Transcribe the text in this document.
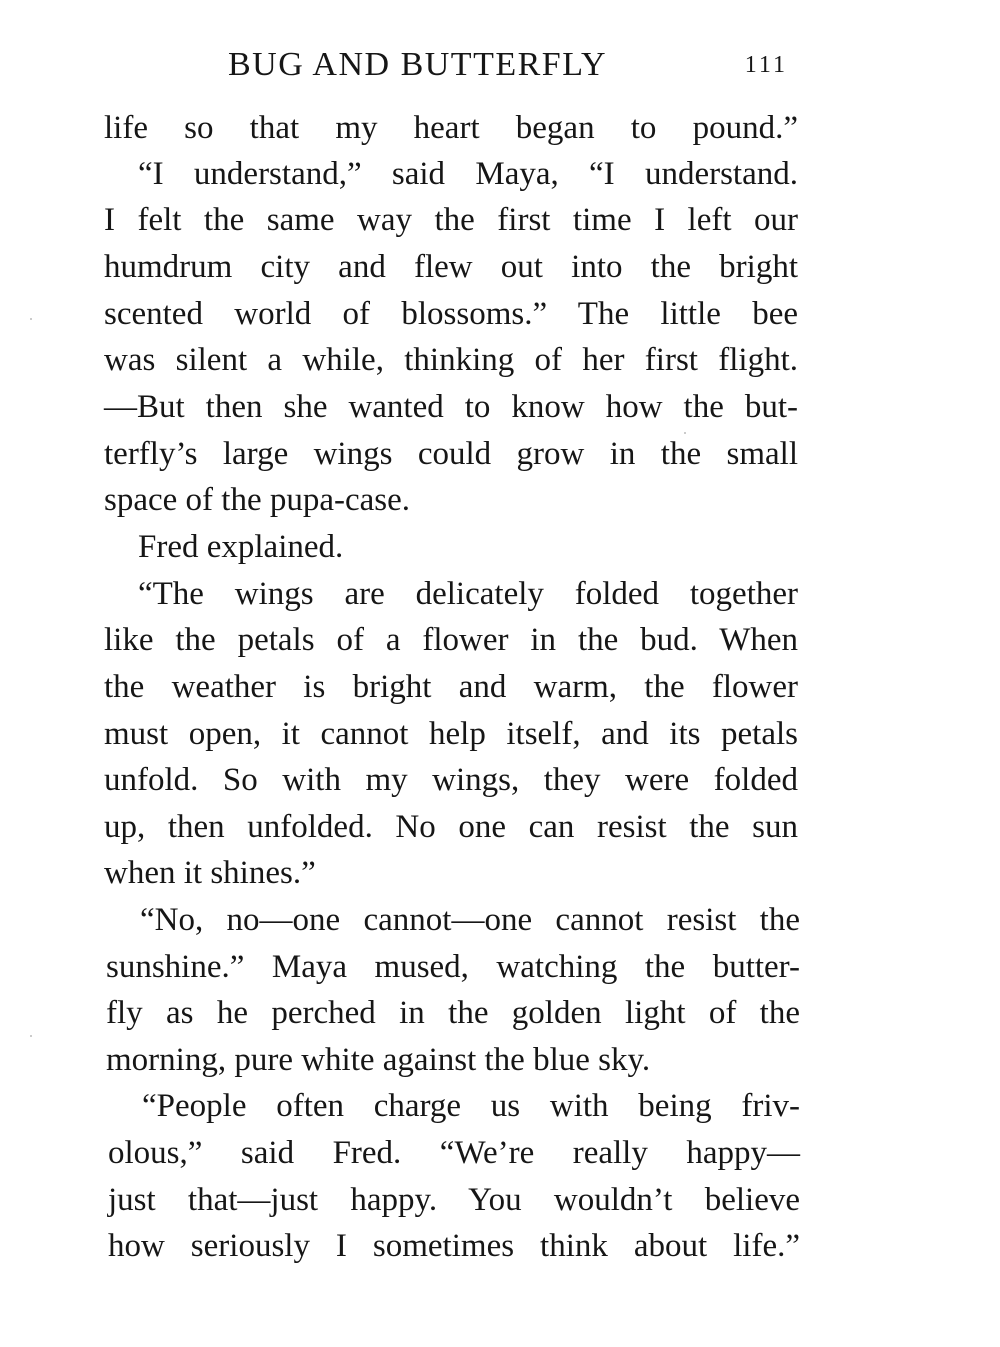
BUG AND BUTTERFLY	111
life so that my heart began to pound.”
“I understand,” said Maya, “I understand.
I felt the same way the first time I left our
humdrum city and flew out into the bright
scented world of blossoms.” The little bee
was silent a while, thinking of her first flight.
—But then she wanted to know how the but-
terfly’s large wings could grow in the small
space of the pupa-case.
Fred explained.
“The wings are delicately folded together
like the petals of a flower in the bud. When
the weather is bright and warm, the flower
must open, it cannot help itself, and its petals
unfold. So with my wings, they were folded
up, then unfolded. No one can resist the sun
when it shines.”
“No, no—one cannot—one cannot resist the
sunshine.” Maya mused, watching the butter-
fly as he perched in the golden light of the
morning, pure white against the blue sky.
“People often charge us with being friv-
olous,” said Fred. “We’re really happy—
just that—just happy. You wouldn’t believe
how seriously I sometimes think about life.”
